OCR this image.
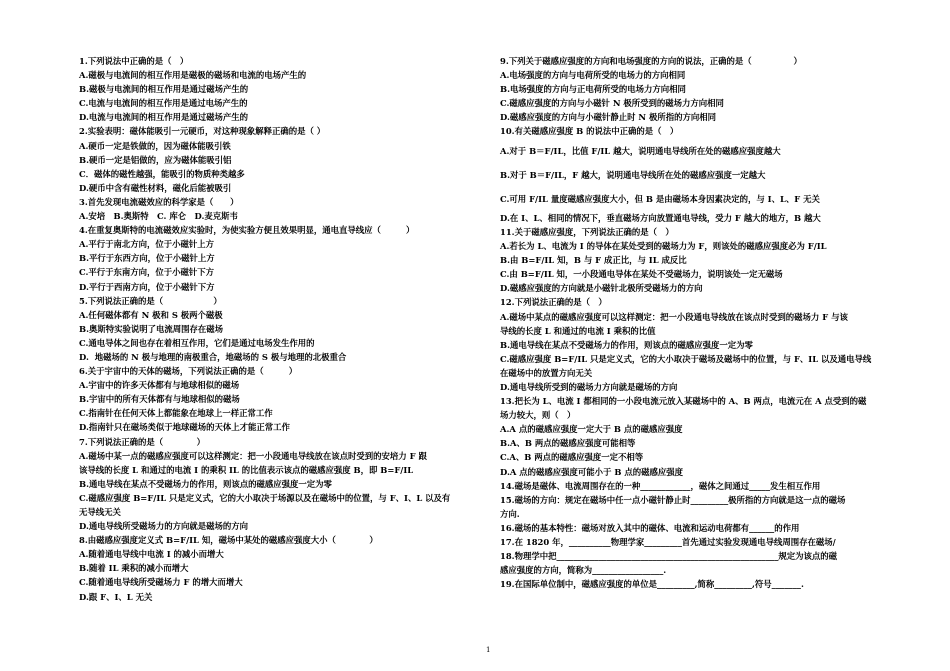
1.下列说法中正确的是（　）
A.磁极与电流间的相互作用是磁极的磁场和电流的电场产生的
B.磁极与电流间的相互作用是通过磁场产生的
C.电流与电流间的相互作用是通过电场产生的
D.电流与电流间的相互作用是通过磁场产生的
2.实验表明：磁体能吸引一元硬币，对这种现象解释正确的是（ ）
A.硬币一定是铁做的，因为磁体能吸引铁
B.硬币一定是铝做的，应为磁体能吸引铝
C．磁体的磁性越强，能吸引的物质种类越多
D.硬币中含有磁性材料，磁化后能被吸引
3.首先发现电流磁效应的科学家是（　　）
A.安培　B.奥斯特　C. 库仑　D.麦克斯韦
4.在重复奥斯特的电流磁效应实验时，为使实验方便且效果明显，通电直导线应（　　　）
A.平行于南北方向，位于小磁针上方
B.平行于东西方向，位于小磁针上方
C.平行于东南方向，位于小磁针下方
D.平行于西南方向，位于小磁针下方
5.下列说法正确的是（　　　　　　）
A.任何磁体都有 N 极和 S 极两个磁极
B.奥斯特实验说明了电流周围存在磁场
C.通电导体之间也存在着相互作用，它们是通过电场发生作用的
D.  地磁场的 N 极与地理的南极重合，地磁场的 S 极与地理的北极重合
6.关于宇宙中的天体的磁场，下列说法正确的是（　　　）
A.宇宙中的许多天体都有与地球相似的磁场
B.宇宙中的所有天体都有与地球相似的磁场
C.指南针在任何天体上都能象在地球上一样正常工作
D.指南针只在磁场类似于地球磁场的天体上才能正常工作
7.下列说法正确的是（　　　　）
A.磁场中某一点的磁感应强度可以这样测定：把一小段通电导线放在该点时受到的安培力 F 跟
该导线的长度 L 和通过的电流 I 的乘积 IL 的比值表示该点的磁感应强度 B，即 B=F/IL
B.通电导线在某点不受磁场力的作用，则该点的磁感应强度一定为零
C.磁感应强度 B=F/IL 只是定义式，它的大小取决于场源以及在磁场中的位置，与 F、I、L 以及有
无导线无关
D.通电导线所受磁场力的方向就是磁场的方向
8.由磁感应强度定义式 B=F/IL 知，磁场中某处的磁感应强度大小（　　　　）
A.随着通电导线中电流 I 的减小而增大
B.随着 IL 乘积的减小而增大
C.随着通电导线所受磁场力 F 的增大而增大
D.跟 F、I、L 无关
9.下列关于磁感应强度的方向和电场强度的方向的说法，正确的是（　　　　　）
A.电场强度的方向与电荷所受的电场力的方向相同
B.电场强度的方向与正电荷所受的电场力方向相同
C.磁感应强度的方向与小磁针 N 极所受到的磁场力方向相同
D.磁感应强度的方向与小磁针静止时 N 极所指的方向相同
10.有关磁感应强度 B 的说法中正确的是（　）
A.对于 B＝F/IL，比值 F/IL 越大，说明通电导线所在处的磁感应强度越大
B.对于 B＝F/IL，F 越大，说明通电导线所在处的磁感应强度一定越大
C.可用 F/IL 量度磁感应强度大小，但 B 是由磁场本身因素决定的，与 I、L、F 无关
D.在 I、L、相同的情况下，垂直磁场方向放置通电导线，受力 F 越大的地方，B 越大
11.关于磁感应强度，下列说法正确的是（　）
A.若长为 L、电流为 I 的导体在某处受到的磁场力为 F，则该处的磁感应强度必为 F/IL
B.由 B=F/IL 知，B 与 F 成正比，与 IL 成反比
C.由 B=F/IL 知，一小段通电导体在某处不受磁场力，说明该处一定无磁场
D.磁感应强度的方向就是小磁针北极所受磁场力的方向
12.下列说法正确的是（　）
A.磁场中某点的磁感应强度可以这样测定：把一小段通电导线放在该点时受到的磁场力 F 与该
导线的长度 L 和通过的电流 I 乘积的比值
B.通电导线在某点不受磁场力的作用，则该点的磁感应强度一定为零
C.磁感应强度 B=F/IL 只是定义式，它的大小取决于磁场及磁场中的位置，与 F、IL 以及通电导线
在磁场中的放置方向无关
D.通电导线所受到的磁场力方向就是磁场的方向
13.把长为 L、电流 I 都相同的一小段电流元放入某磁场中的 A、B 两点，电流元在 A 点受到的磁
场力较大，则（　）
A.A 点的磁感应强度一定大于 B 点的磁感应强度
B.A、B 两点的磁感应强度可能相等
C.A、B 两点的磁感应强度一定不相等
D.A 点的磁感应强度可能小于 B 点的磁感应强度
14.磁场是磁体、电流周围存在的一种____________，磁体之间通过_____发生相互作用
15.磁场的方向：规定在磁场中任一点小磁针静止时_________极所指的方向就是这一点的磁场
方向.
16.磁场的基本特性：磁场对放入其中的磁体、电流和运动电荷都有______的作用
17.在 1820 年，__________物理学家_________首先通过实验发现通电导线周围存在磁场/
18.物理学中把_____________________________________________________规定为该点的磁
感应强度的方向，简称为_________________.
19.在国际单位制中，磁感应强度的单位是_________,简称_________,符号_______.
1
